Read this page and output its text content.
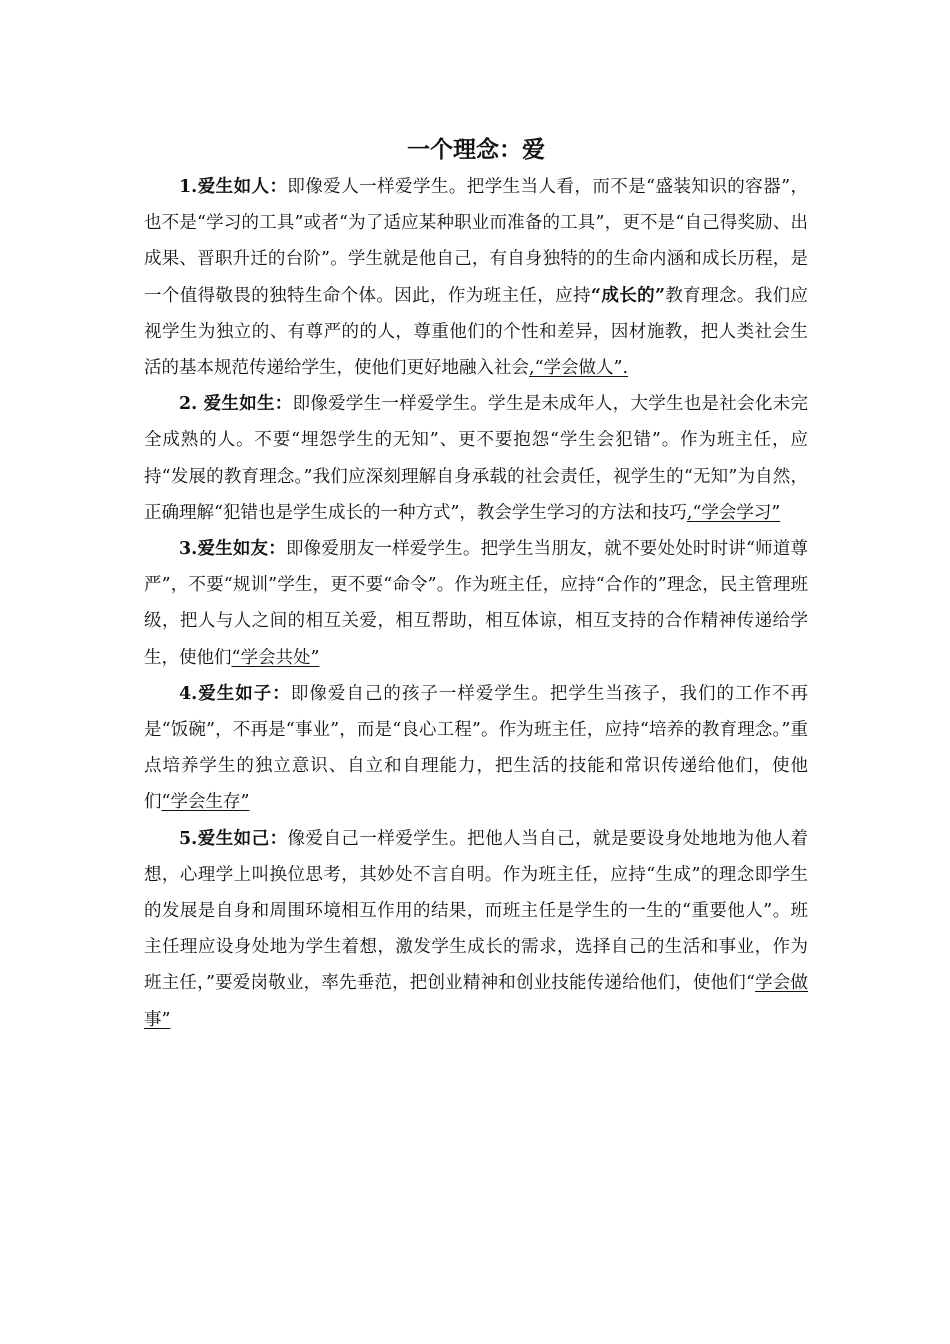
一个理念：爱

1.爱生如人：即像爱人一样爱学生。把学生当人看，而不是“盛装知识的容器”，也不是“学习的工具”或者“为了适应某种职业而准备的工具”，更不是“自己得奖励、出成果、晋职升迁的台阶”。学生就是他自己，有自身独特的的生命内涵和成长历程，是一个值得敬畏的独特生命个体。因此，作为班主任，应持“成长的”教育理念。我们应视学生为独立的、有尊严的的人，尊重他们的个性和差异，因材施教，把人类社会生活的基本规范传递给学生，使他们更好地融入社会,“学会做人”.

2. 爱生如生：即像爱学生一样爱学生。学生是未成年人，大学生也是社会化未完全成熟的人。不要“埋怨学生的无知”、更不要抱怨“学生会犯错”。作为班主任，应持“发展的教育理念。”我们应深刻理解自身承载的社会责任，视学生的“无知”为自然，正确理解“犯错也是学生成长的一种方式”，教会学生学习的方法和技巧,“学会学习”

3.爱生如友：即像爱朋友一样爱学生。把学生当朋友，就不要处处时时讲“师道尊严”，不要“规训”学生，更不要“命令”。作为班主任，应持“合作的”理念，民主管理班级，把人与人之间的相互关爱，相互帮助，相互体谅，相互支持的合作精神传递给学生，使他们“学会共处”

4.爱生如子：即像爱自己的孩子一样爱学生。把学生当孩子，我们的工作不再是“饭碗”，不再是“事业”，而是“良心工程”。作为班主任，应持“培养的教育理念。”重点培养学生的独立意识、自立和自理能力，把生活的技能和常识传递给他们，使他们“学会生存”

5.爱生如己：像爱自己一样爱学生。把他人当自己，就是要设身处地地为他人着想，心理学上叫换位思考，其妙处不言自明。作为班主任，应持“生成”的理念即学生的发展是自身和周围环境相互作用的结果，而班主任是学生的一生的“重要他人”。班主任理应设身处地为学生着想，激发学生成长的需求，选择自己的生活和事业，作为班主任，”要爱岗敬业，率先垂范，把创业精神和创业技能传递给他们，使他们“学会做事”
